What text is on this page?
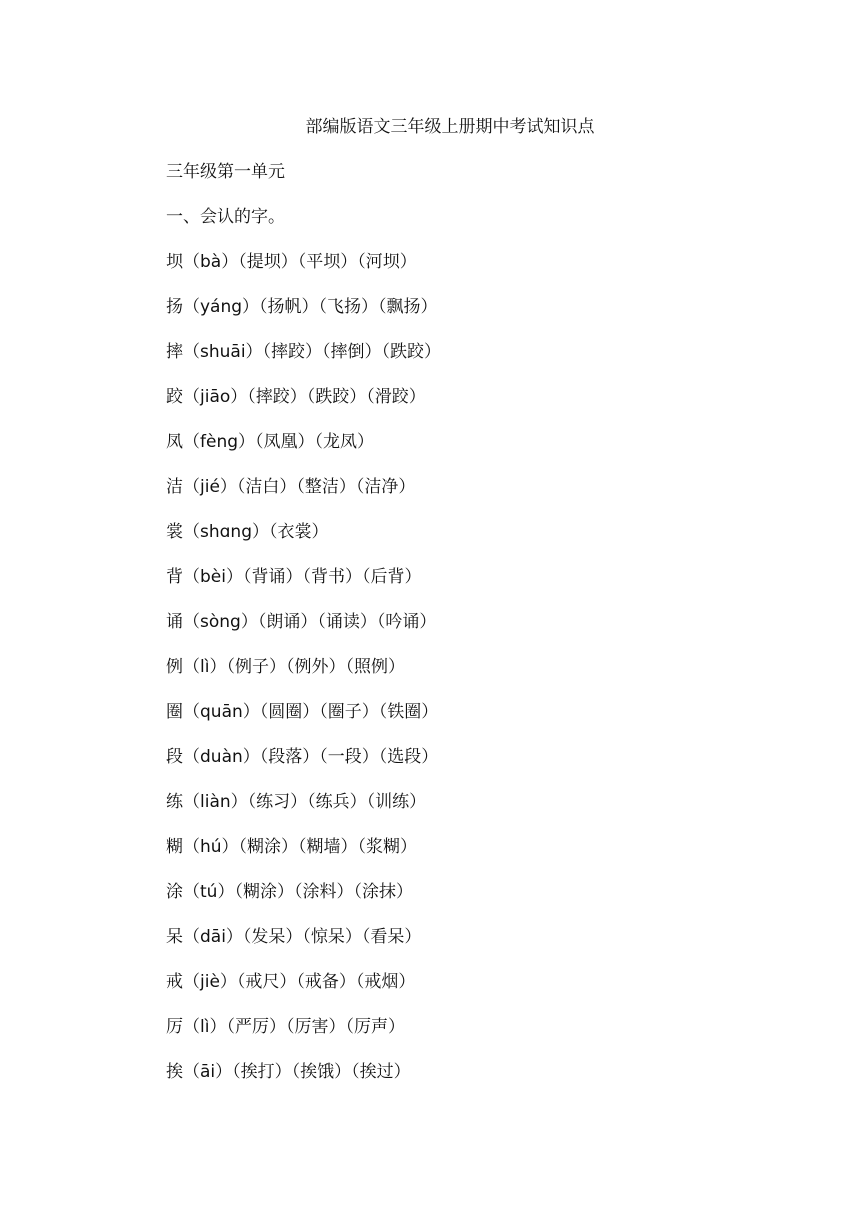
部编版语文三年级上册期中考试知识点
三年级第一单元
一、会认的字。
坝（bà）（提坝）（平坝）（河坝）
扬（yáng）（扬帆）（飞扬）（飘扬）
摔（shuāi）（摔跤）（摔倒）（跌跤）
跤（jiāo）（摔跤）（跌跤）（滑跤）
凤（fèng）（凤凰）（龙凤）
洁（jié）（洁白）（整洁）（洁净）
裳（shɑng）（衣裳）
背（bèi）（背诵）（背书）（后背）
诵（sòng）（朗诵）（诵读）（吟诵）
例（lì）（例子）（例外）（照例）
圈（quān）（圆圈）（圈子）（铁圈）
段（duàn）（段落）（一段）（选段）
练（liàn）（练习）（练兵）（训练）
糊（hú）（糊涂）（糊墙）（浆糊）
涂（tú）（糊涂）（涂料）（涂抹）
呆（dāi）（发呆）（惊呆）（看呆）
戒（jiè）（戒尺）（戒备）（戒烟）
厉（lì）（严厉）（厉害）（厉声）
挨（āi）（挨打）（挨饿）（挨过）
